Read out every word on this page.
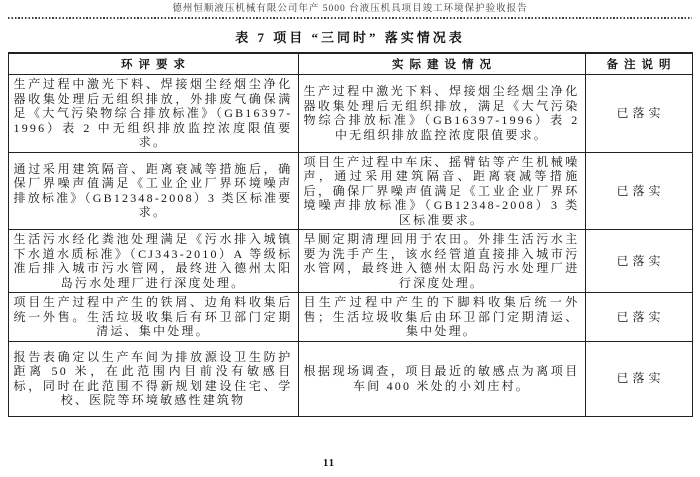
德州恒顺液压机械有限公司年产 5000 台液压机具项目竣工环境保护验收报告
表 7 项目 “三同时” 落实情况表
环评要求	实际建设情况	备注说明
生产过程中激光下料、焊接烟尘经烟尘净化器收集处理后无组织排放，外排废气确保满足《大气污染物综合排放标准》（GB16397-1996）表 2 中无组织排放监控浓度限值要求。	生产过程中激光下料、焊接烟尘经烟尘净化器收集处理后无组织排放，满足《大气污染物综合排放标准》（GB16397-1996）表 2 中无组织排放监控浓度限值要求。	已落实
通过采用建筑隔音、距离衰减等措施后，确保厂界噪声值满足《工业企业厂界环境噪声排放标准》（GB12348-2008）3 类区标准要求。	项目生产过程中车床、摇臂钻等产生机械噪声，通过采用建筑隔音、距离衰减等措施后，确保厂界噪声值满足《工业企业厂界环境噪声排放标准》（GB12348-2008）3 类区标准要求。	已落实
生活污水经化粪池处理满足《污水排入城镇下水道水质标准》（CJ343-2010）A 等级标准后排入城市污水管网，最终进入德州太阳岛污水处理厂进行深度处理。	旱厕定期清理回用于农田。外排生活污水主要为洗手产生，该水经管道直接排入城市污水管网，最终进入德州太阳岛污水处理厂进行深度处理。	已落实
项目生产过程中产生的铁屑、边角料收集后统一外售。生活垃圾收集后有环卫部门定期清运、集中处理。	目生产过程中产生的下脚料收集后统一外售；生活垃圾收集后由环卫部门定期清运、集中处理。	已落实
报告表确定以生产车间为排放源设卫生防护距离 50 米，在此范围内目前没有敏感目标，同时在此范围不得新规划建设住宅、学校、医院等环境敏感性建筑物	根据现场调查，项目最近的敏感点为离项目车间 400 米处的小刘庄村。	已落实
11
